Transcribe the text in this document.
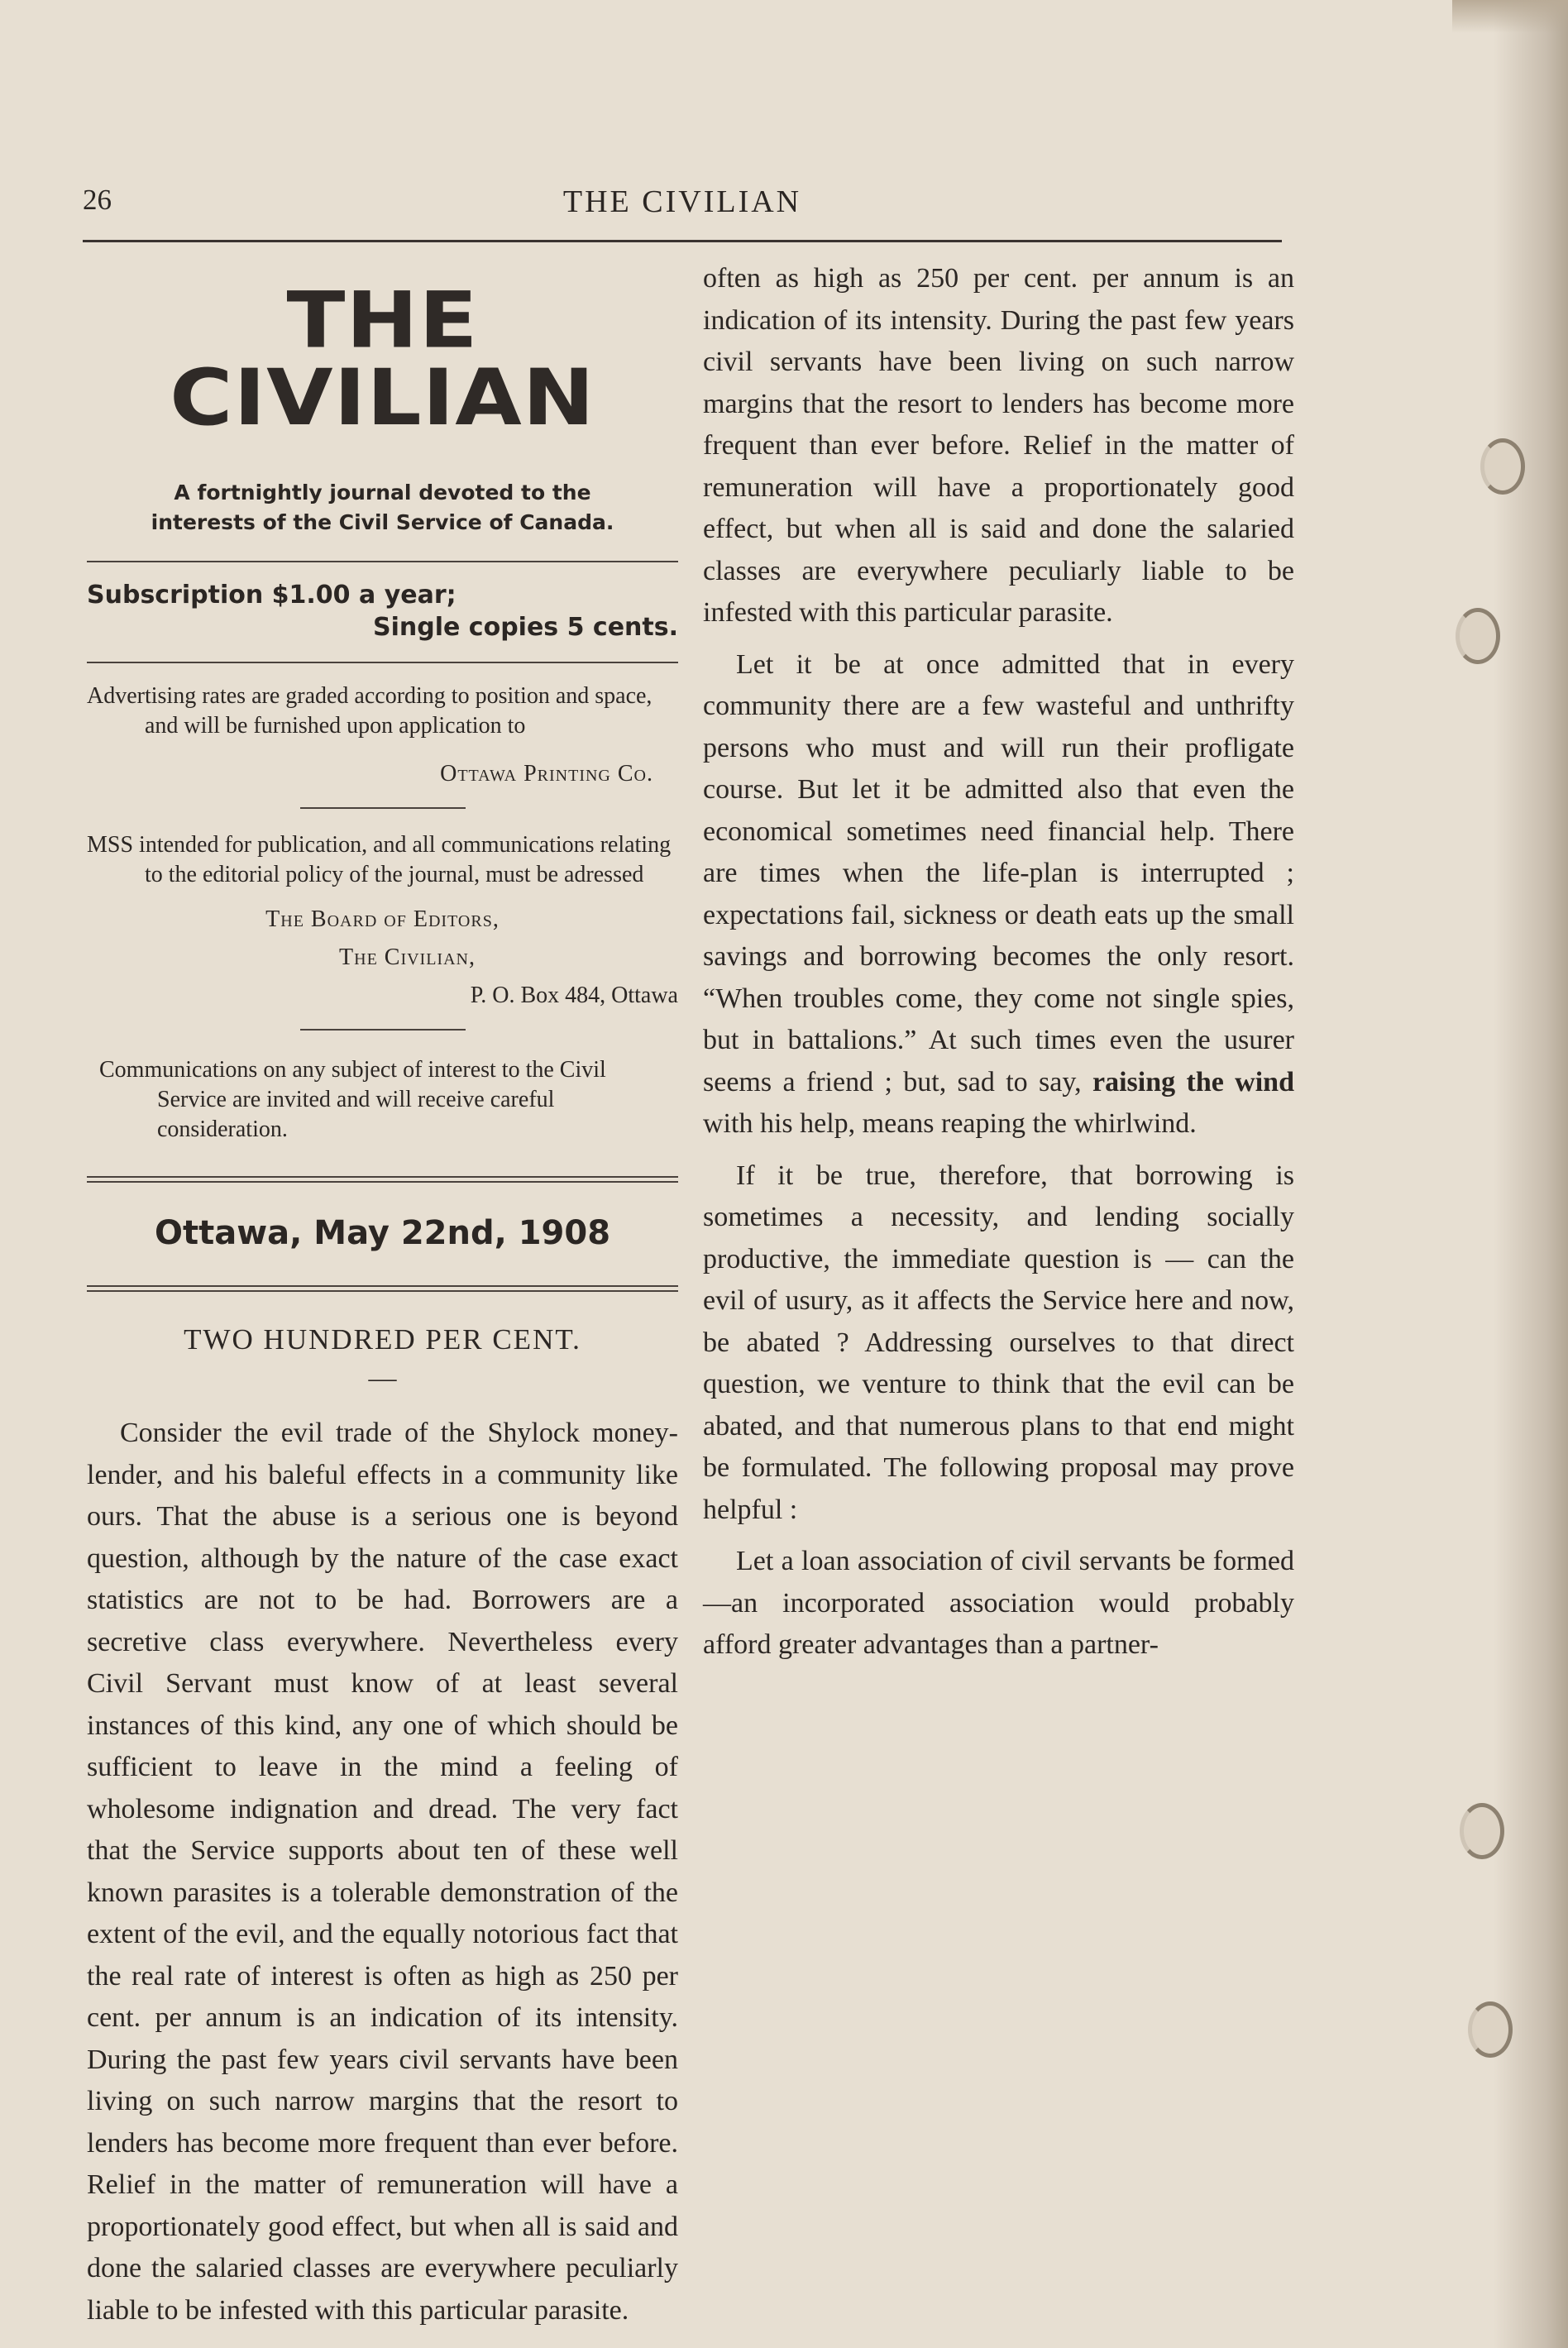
26	THE CIVILIAN
THE CIVILIAN
A fortnightly journal devoted to the interests of the Civil Service of Canada.
Subscription $1.00 a year;
Single copies 5 cents.
Advertising rates are graded according to position and space, and will be furnished upon application to
Ottawa Printing Co.
MSS intended for publication, and all communications relating to the editorial policy of the journal, must be adressed
The Board of Editors,
The Civilian,
P. O. Box 484, Ottawa
Communications on any subject of interest to the Civil Service are invited and will receive careful consideration.
Ottawa, May 22nd, 1908
TWO HUNDRED PER CENT.
—

Consider the evil trade of the Shylock money-lender, and his baleful effects in a community like ours. That the abuse is a serious one is beyond question, although by the nature of the case exact statistics are not to be had. Borrowers are a secretive class everywhere. Nevertheless every Civil Servant must know of at least several instances of this kind, any one of which should be sufficient to leave in the mind a feeling of wholesome indignation and dread. The very fact that the Service supports about ten of these well known parasites is a tolerable demonstration of the extent of the evil, and the equally notorious fact that the real rate of interest is often as high as 250 per cent. per annum is an indication of its intensity. During the past few years civil servants have been living on such narrow margins that the resort to lenders has become more frequent than ever before. Relief in the matter of remuneration will have a proportionately good effect, but when all is said and done the salaried classes are everywhere peculiarly liable to be infested with this particular parasite.

often as high as 250 per cent. per annum is an indication of its intensity. During the past few years civil servants have been living on such narrow margins that the resort to lenders has become more frequent than ever before. Relief in the matter of remuneration will have a proportionately good effect, but when all is said and done the salaried classes are everywhere peculiarly liable to be infested with this particular parasite.

Let it be at once admitted that in every community there are a few wasteful and unthrifty persons who must and will run their profligate course. But let it be admitted also that even the economical sometimes need financial help. There are times when the life-plan is interrupted ; expectations fail, sickness or death eats up the small savings and borrowing becomes the only resort. “When troubles come, they come not single spies, but in battalions.” At such times even the usurer seems a friend ; but, sad to say, raising the wind with his help, means reaping the whirlwind.

If it be true, therefore, that borrowing is sometimes a necessity, and lending socially productive, the immediate question is — can the evil of usury, as it affects the Service here and now, be abated ? Addressing ourselves to that direct question, we venture to think that the evil can be abated, and that numerous plans to that end might be formulated. The following proposal may prove helpful :

Let a loan association of civil servants be formed—an incorporated association would probably afford greater advantages than a partner-
